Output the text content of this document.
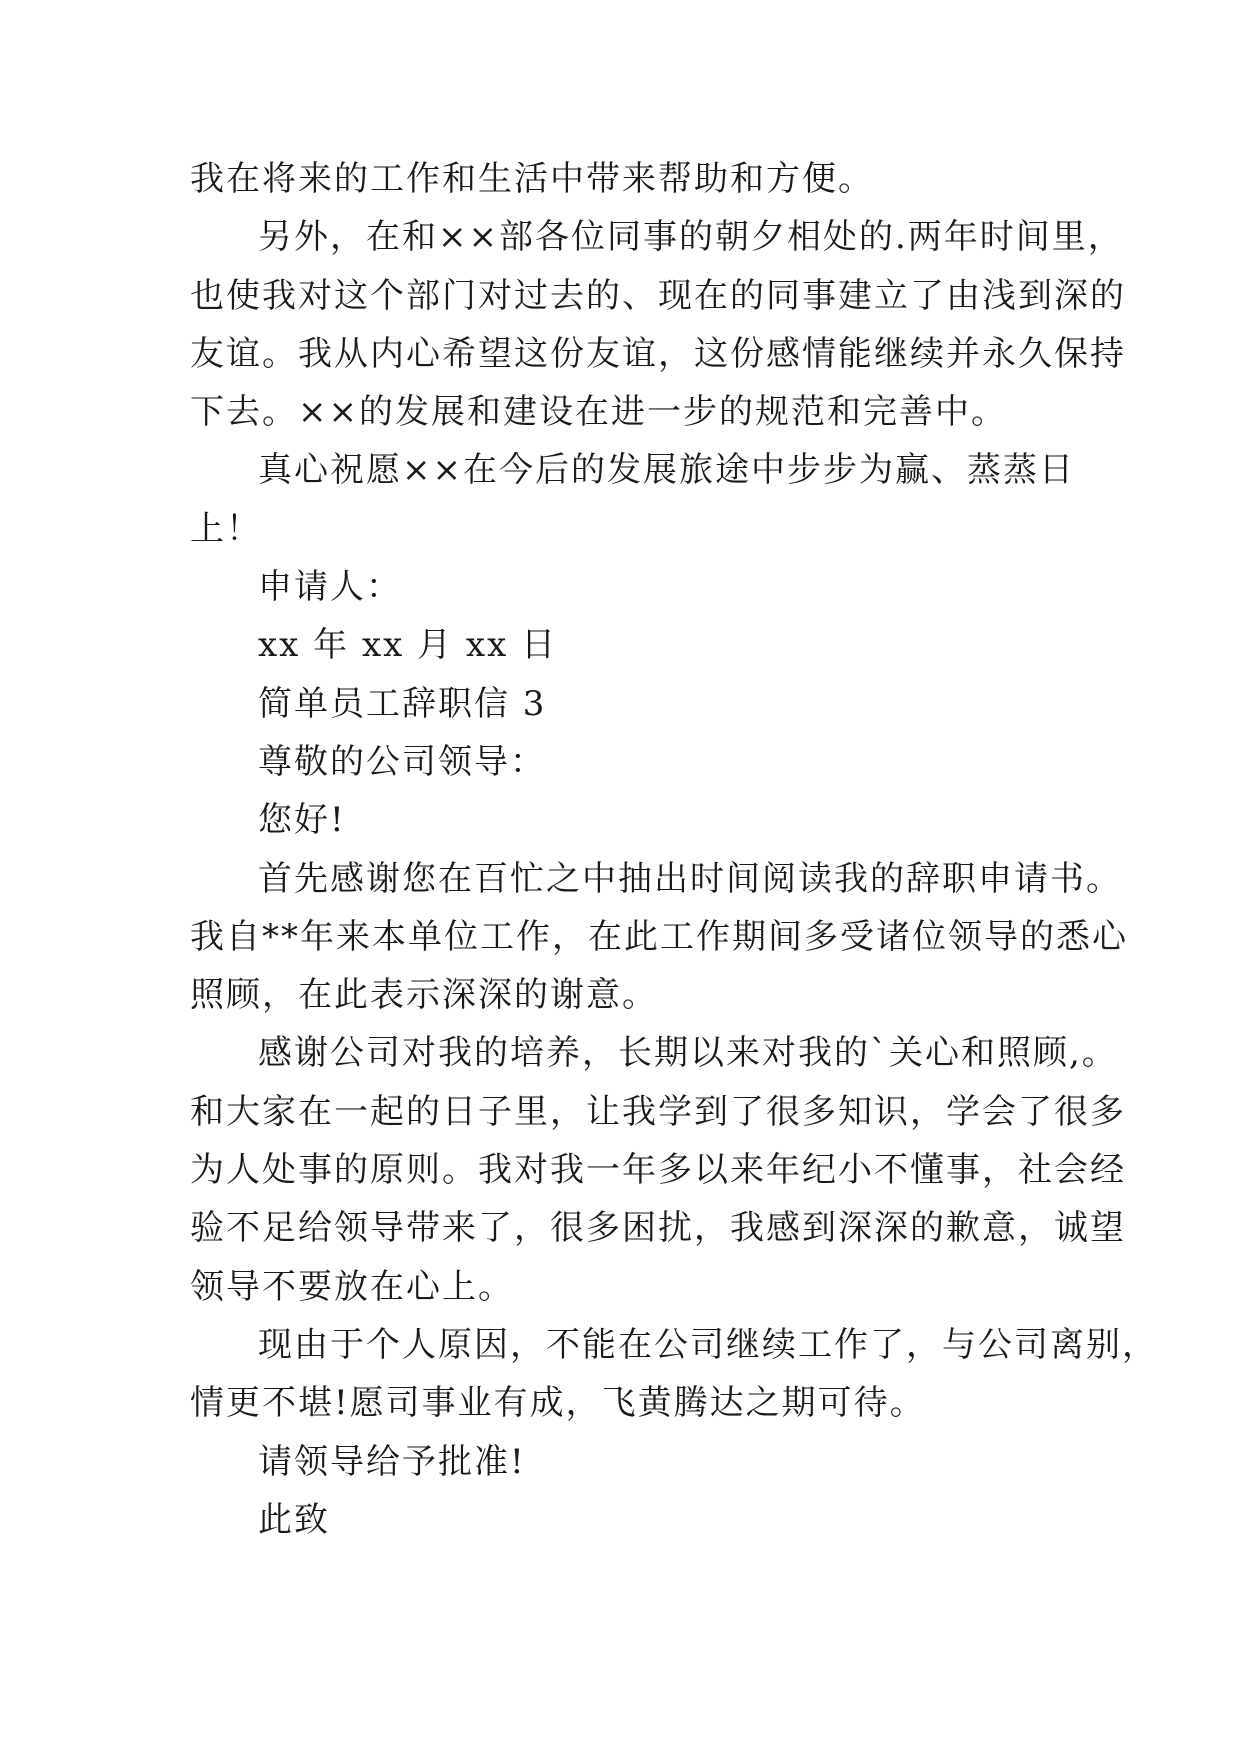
我在将来的工作和生活中带来帮助和方便。
另外，在和××部各位同事的朝夕相处的.两年时间里，
也使我对这个部门对过去的、现在的同事建立了由浅到深的
友谊。我从内心希望这份友谊，这份感情能继续并永久保持
下去。××的发展和建设在进一步的规范和完善中。
真心祝愿××在今后的发展旅途中步步为赢、蒸蒸日
上！
申请人：
xx 年 xx 月 xx 日
简单员工辞职信 3
尊敬的公司领导：
您好!
首先感谢您在百忙之中抽出时间阅读我的辞职申请书。
我自**年来本单位工作，在此工作期间多受诸位领导的悉心
照顾，在此表示深深的谢意。
感谢公司对我的培养，长期以来对我的`关心和照顾,。
和大家在一起的日子里，让我学到了很多知识，学会了很多
为人处事的原则。我对我一年多以来年纪小不懂事，社会经
验不足给领导带来了，很多困扰，我感到深深的歉意，诚望
领导不要放在心上。
现由于个人原因，不能在公司继续工作了，与公司离别，
情更不堪!愿司事业有成，飞黄腾达之期可待。
请领导给予批准!
此致
